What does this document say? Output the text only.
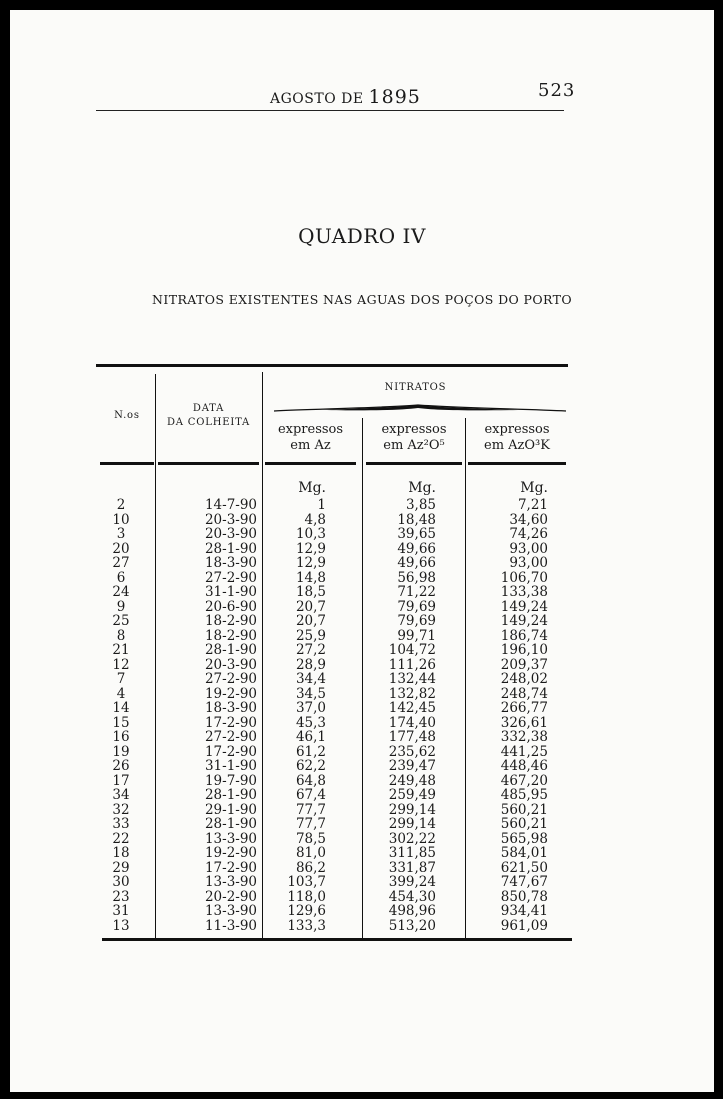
AGOSTO DE 1895	523
QUADRO IV
NITRATOS EXISTENTES NAS AGUAS DOS POÇOS DO PORTO
N.os
DATA
DA COLHEITA
NITRATOS
expressos
em Az
expressos
em Az²O⁵
expressos
em AzO³K
2
10
3
20
27
6
24
9
25
8
21
12
7
4
14
15
16
19
26
17
34
32
33
22
18
29
30
23
31
13
14-7-90
20-3-90
20-3-90
28-1-90
18-3-90
27-2-90
31-1-90
20-6-90
18-2-90
18-2-90
28-1-90
20-3-90
27-2-90
19-2-90
18-3-90
17-2-90
27-2-90
17-2-90
31-1-90
19-7-90
28-1-90
29-1-90
28-1-90
13-3-90
19-2-90
17-2-90
13-3-90
20-2-90
13-3-90
11-3-90
Mg.
1
4,8
10,3
12,9
12,9
14,8
18,5
20,7
20,7
25,9
27,2
28,9
34,4
34,5
37,0
45,3
46,1
61,2
62,2
64,8
67,4
77,7
77,7
78,5
81,0
86,2
103,7
118,0
129,6
133,3
Mg.
3,85
18,48
39,65
49,66
49,66
56,98
71,22
79,69
79,69
99,71
104,72
111,26
132,44
132,82
142,45
174,40
177,48
235,62
239,47
249,48
259,49
299,14
299,14
302,22
311,85
331,87
399,24
454,30
498,96
513,20
Mg.
7,21
34,60
74,26
93,00
93,00
106,70
133,38
149,24
149,24
186,74
196,10
209,37
248,02
248,74
266,77
326,61
332,38
441,25
448,46
467,20
485,95
560,21
560,21
565,98
584,01
621,50
747,67
850,78
934,41
961,09
